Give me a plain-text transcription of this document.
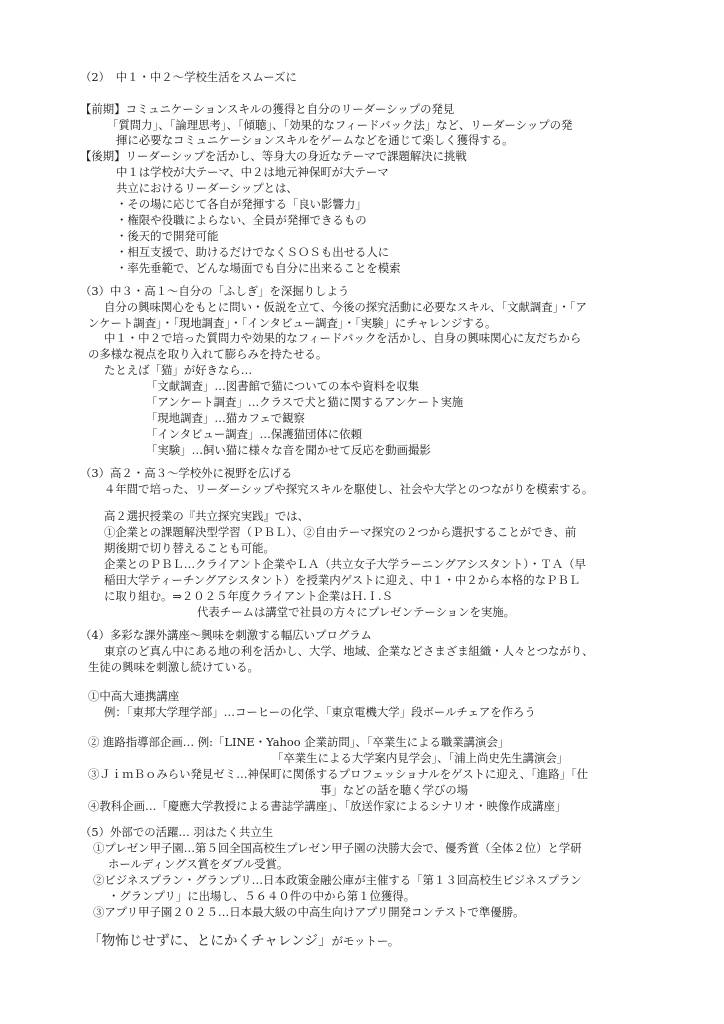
（2）　中１・中２～学校生活をスムーズに
【前期】コミュニケーションスキルの獲得と自分のリーダーシップの発見
「質問力」、「論理思考」、「傾聴」、「効果的なフィードバック法」など、リーダーシップの発
揮に必要なコミュニケーションスキルをゲームなどを通じて楽しく獲得する。
【後期】リーダーシップを活かし、等身大の身近なテーマで課題解決に挑戦
中１は学校が大テーマ、中２は地元神保町が大テーマ
共立におけるリーダーシップとは、
・その場に応じて各自が発揮する「良い影響力」
・権限や役職によらない、全員が発揮できるもの
・後天的で開発可能
・相互支援で、助けるだけでなくＳＯＳも出せる人に
・率先垂範で、どんな場面でも自分に出来ることを模索
（3）中３・高１～自分の「ふしぎ」を深掘りしよう
自分の興味関心をもとに問い・仮説を立て、今後の探究活動に必要なスキル、「文献調査」・「ア
ンケート調査」・「現地調査」・「インタビュー調査」・「実験」にチャレンジする。
中１・中２で培った質問力や効果的なフィードバックを活かし、自身の興味関心に友だちから
の多様な視点を取り入れて膨らみを持たせる。
たとえば「猫」が好きなら…
「文献調査」…図書館で猫についての本や資料を収集
「アンケート調査」…クラスで犬と猫に関するアンケート実施
「現地調査」…猫カフェで観察
「インタビュー調査」…保護猫団体に依頼
「実験」…飼い猫に様々な音を聞かせて反応を動画撮影
（3）高２・高３～学校外に視野を広げる
４年間で培った、リーダーシップや探究スキルを駆使し、社会や大学とのつながりを模索する。
高２選択授業の『共立探究実践』では、
①企業との課題解決型学習（ＰＢＬ）、②自由テーマ探究の２つから選択することができ、前
期後期で切り替えることも可能。
企業とのＰＢＬ…クライアント企業やＬＡ（共立女子大学ラーニングアシスタント）・ＴＡ（早
稲田大学ティーチングアシスタント）を授業内ゲストに迎え、中１・中２から本格的なＰＢＬ
に取り組む。⇒２０２５年度クライアント企業はＨ.Ｉ.Ｓ
代表チームは講堂で社員の方々にプレゼンテーションを実施。
（4）多彩な課外講座～興味を刺激する幅広いプログラム
東京のど真ん中にある地の利を活かし、大学、地域、企業などさまざま組織・人々とつながり、
生徒の興味を刺激し続けている。
①中高大連携講座
例：「東邦大学理学部」…コーヒーの化学、「東京電機大学」段ボールチェアを作ろう
② 進路指導部企画… 例:「LINE・Yahoo 企業訪問」、「卒業生による職業講演会」
「卒業生による大学案内見学会」、「浦上尚史先生講演会」
③ＪｉｍＢｏみらい発見ゼミ…神保町に関係するプロフェッショナルをゲストに迎え、「進路」「仕
事」などの話を聴く学びの場
④教科企画…「慶應大学教授による書誌学講座」、「放送作家によるシナリオ・映像作成講座」
（5）外部での活躍… 羽はたく共立生
①プレゼン甲子園…第５回全国高校生プレゼン甲子園の決勝大会で、優秀賞（全体２位）と学研
ホールディングス賞をダブル受賞。
②ビジネスプラン・グランプリ…日本政策金融公庫が主催する「第１３回高校生ビジネスプラン
・グランプリ」に出場し、５６４０件の中から第１位獲得。
③アプリ甲子園２０２５…日本最大級の中高生向けアプリ開発コンテストで準優勝。
「物怖じせずに、とにかくチャレンジ」がモットー。
